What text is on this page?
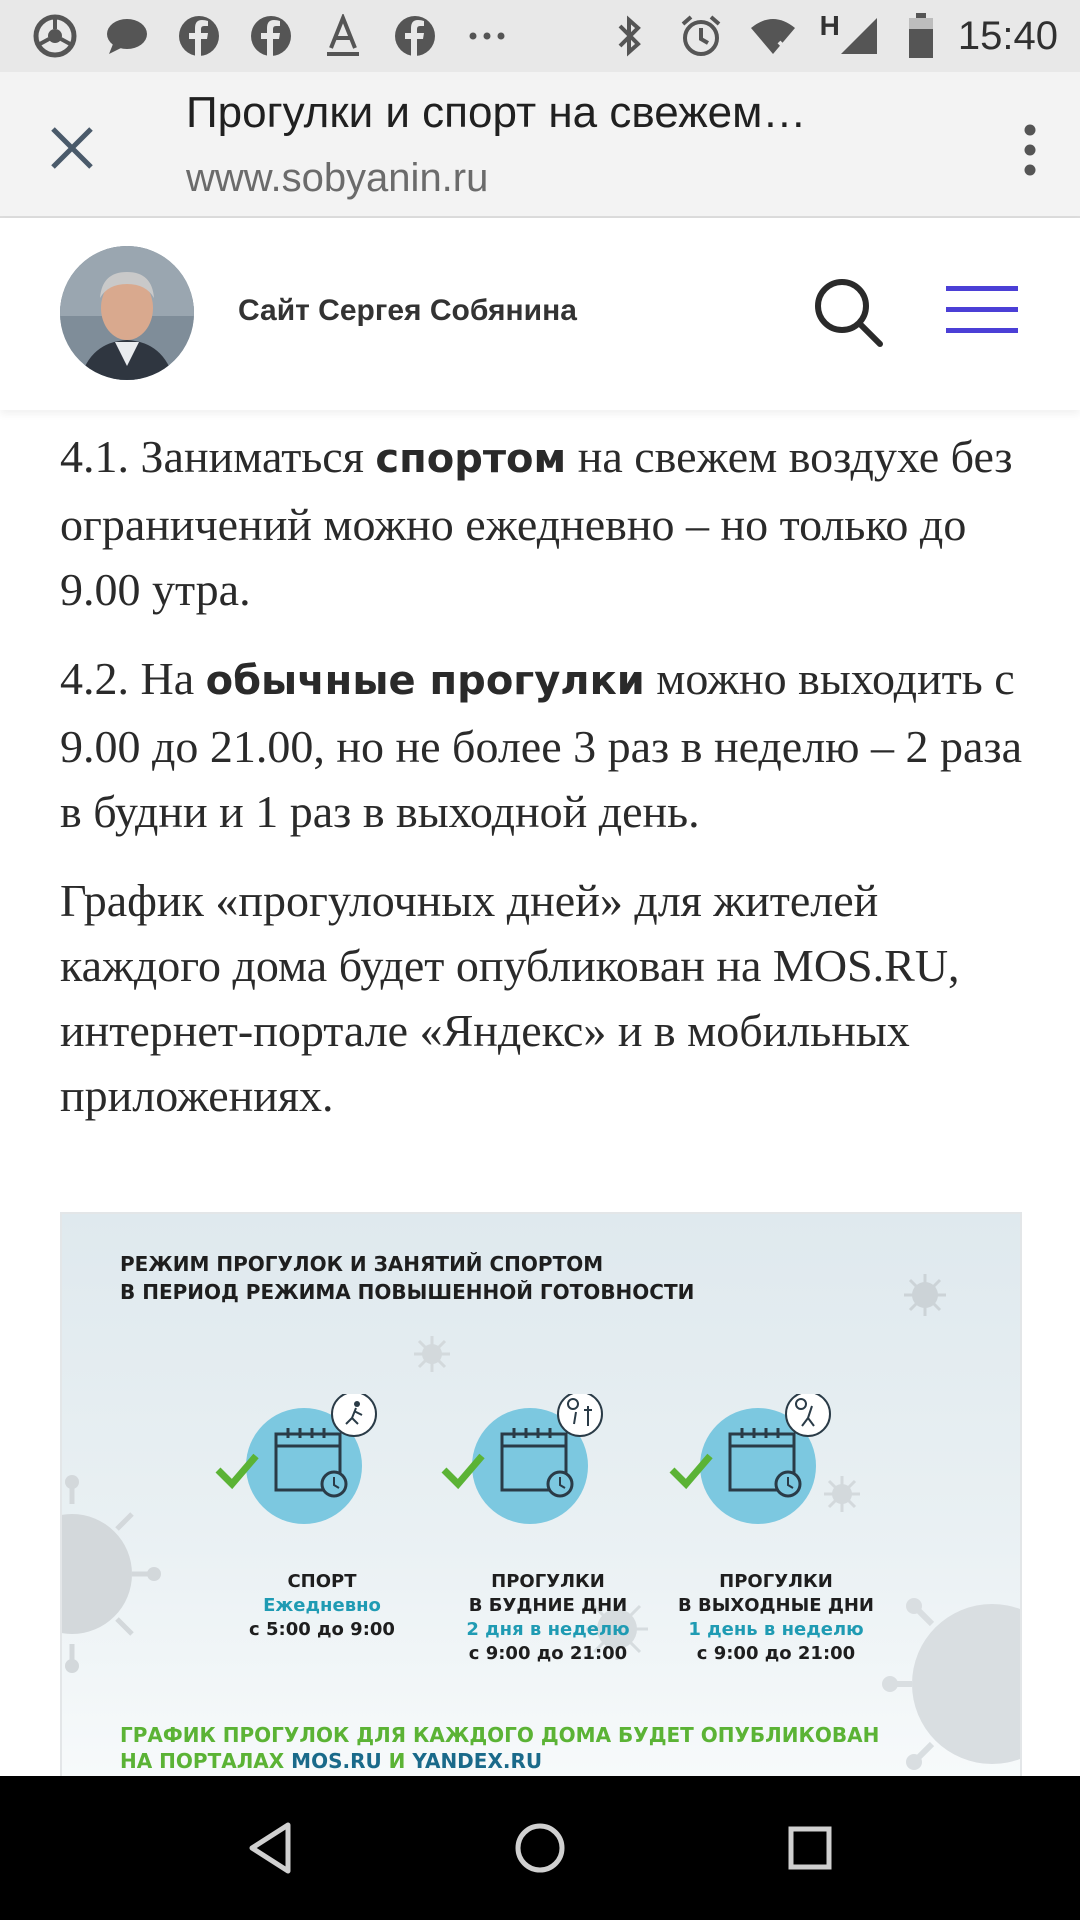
H	15:40
Прогулки и спорт на свежем…
www.sobyanin.ru
Сайт Сергея Собянина

4.1. Заниматься спортом на свежем воздухе без ограничений можно ежедневно – но только до 9.00 утра.

4.2. На обычные прогулки можно выходить с 9.00 до 21.00, но не более 3 раз в неделю – 2 раза в будни и 1 раз в выходной день.

График «прогулочных дней» для жителей каждого дома будет опубликован на MOS.RU, интернет-портале «Яндекс» и в мобильных приложениях.

РЕЖИМ ПРОГУЛОК И ЗАНЯТИЙ СПОРТОМ
В ПЕРИОД РЕЖИМА ПОВЫШЕННОЙ ГОТОВНОСТИ
СПОРТ
Ежедневно
с 5:00 до 9:00
ПРОГУЛКИ
В БУДНИЕ ДНИ
2 дня в неделю
с 9:00 до 21:00
ПРОГУЛКИ
В ВЫХОДНЫЕ ДНИ
1 день в неделю
с 9:00 до 21:00
ГРАФИК ПРОГУЛОК ДЛЯ КАЖДОГО ДОМА БУДЕТ ОПУБЛИКОВАН
НА ПОРТАЛАХ MOS.RU И YANDEX.RU
